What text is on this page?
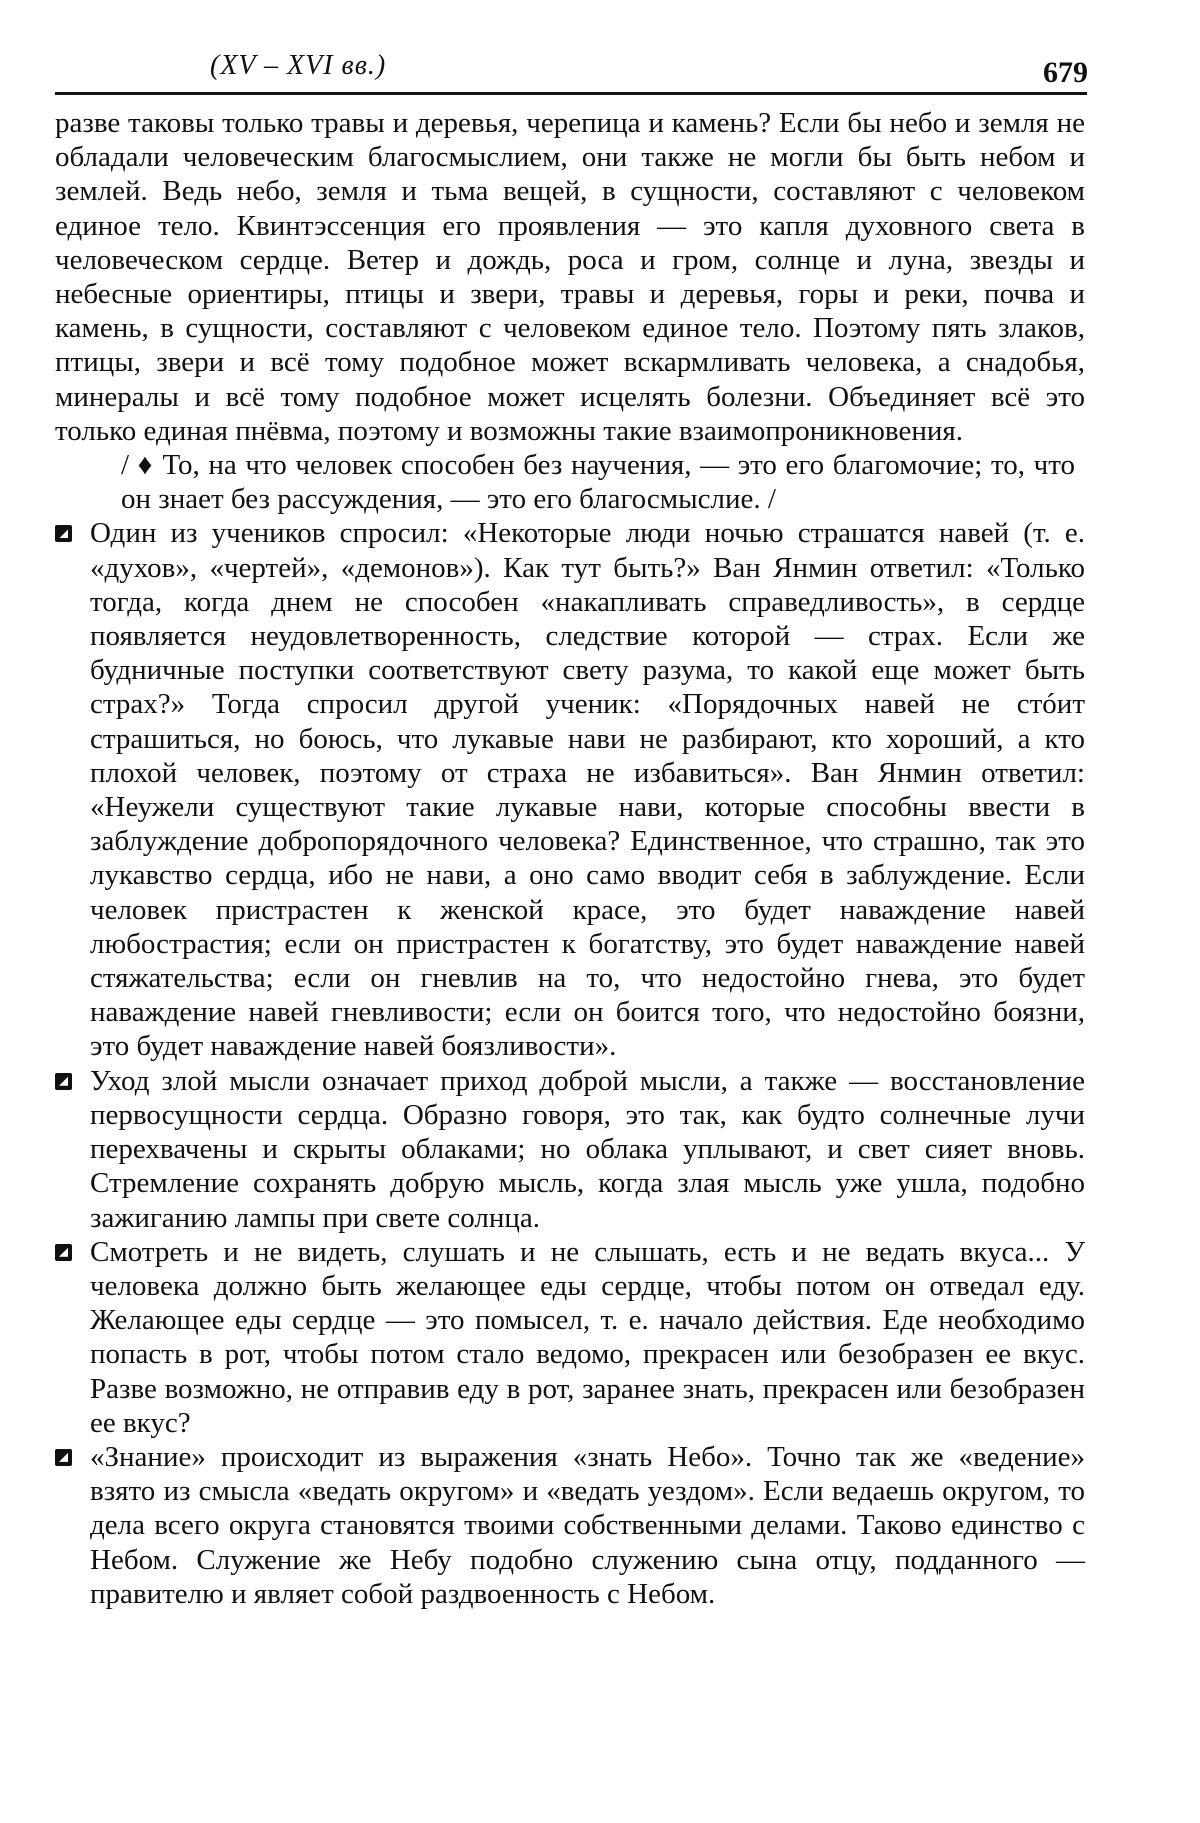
(XV – XVI вв.)	679

разве таковы только травы и деревья, черепица и камень? Если бы небо и земля не обладали человеческим благосмыслием, они также не могли бы быть небом и землей. Ведь небо, земля и тьма вещей, в сущности, составляют с человеком единое тело. Квинтэссенция его проявления — это капля духовного света в человеческом сердце. Ветер и дождь, роса и гром, солнце и луна, звезды и небесные ориентиры, птицы и звери, травы и деревья, горы и реки, почва и камень, в сущности, составляют с человеком единое тело. Поэтому пять злаков, птицы, звери и всё тому подобное может вскармливать человека, а снадобья, минералы и всё тому подобное может исцелять болезни. Объединяет всё это только единая пнёвма, поэтому и возможны такие взаимопроникновения.

/ ♦ То, на что человек способен без научения, — это его благомочие; то, что он знает без рассуждения, — это его благосмыслие. /

Один из учеников спросил: «Некоторые люди ночью страшатся навей (т. е. «духов», «чертей», «демонов»). Как тут быть?» Ван Янмин ответил: «Только тогда, когда днем не способен «накапливать справедливость», в сердце появляется неудовлетворенность, следствие которой — страх. Если же будничные поступки соответствуют свету разума, то какой еще может быть страх?» Тогда спросил другой ученик: «Порядочных навей не стóит страшиться, но боюсь, что лукавые нави не разбирают, кто хороший, а кто плохой человек, поэтому от страха не избавиться». Ван Янмин ответил: «Неужели существуют такие лукавые нави, которые способны ввести в заблуждение добропорядочного человека? Единственное, что страшно, так это лукавство сердца, ибо не нави, а оно само вводит себя в заблуждение. Если человек пристрастен к женской красе, это будет наваждение навей любострастия; если он пристрастен к богатству, это будет наваждение навей стяжательства; если он гневлив на то, что недостойно гнева, это будет наваждение навей гневливости; если он боится того, что недостойно боязни, это будет наваждение навей боязливости».
Уход злой мысли означает приход доброй мысли, а также — восстановление первосущности сердца. Образно говоря, это так, как будто солнечные лучи перехвачены и скрыты облаками; но облака уплывают, и свет сияет вновь. Стремление сохранять добрую мысль, когда злая мысль уже ушла, подобно зажиганию лампы при свете солнца.
Смотреть и не видеть, слушать и не слышать, есть и не ведать вкуса... У человека должно быть желающее еды сердце, чтобы потом он отведал еду. Желающее еды сердце — это помысел, т. е. начало действия. Еде необходимо попасть в рот, чтобы потом стало ведомо, прекрасен или безобразен ее вкус. Разве возможно, не отправив еду в рот, заранее знать, прекрасен или безобразен ее вкус?
«Знание» происходит из выражения «знать Небо». Точно так же «ведение» взято из смысла «ведать округом» и «ведать уездом». Если ведаешь округом, то дела всего округа становятся твоими собственными делами. Таково единство с Небом. Служение же Небу подобно служению сына отцу, подданного — правителю и являет собой раздвоенность с Небом.
